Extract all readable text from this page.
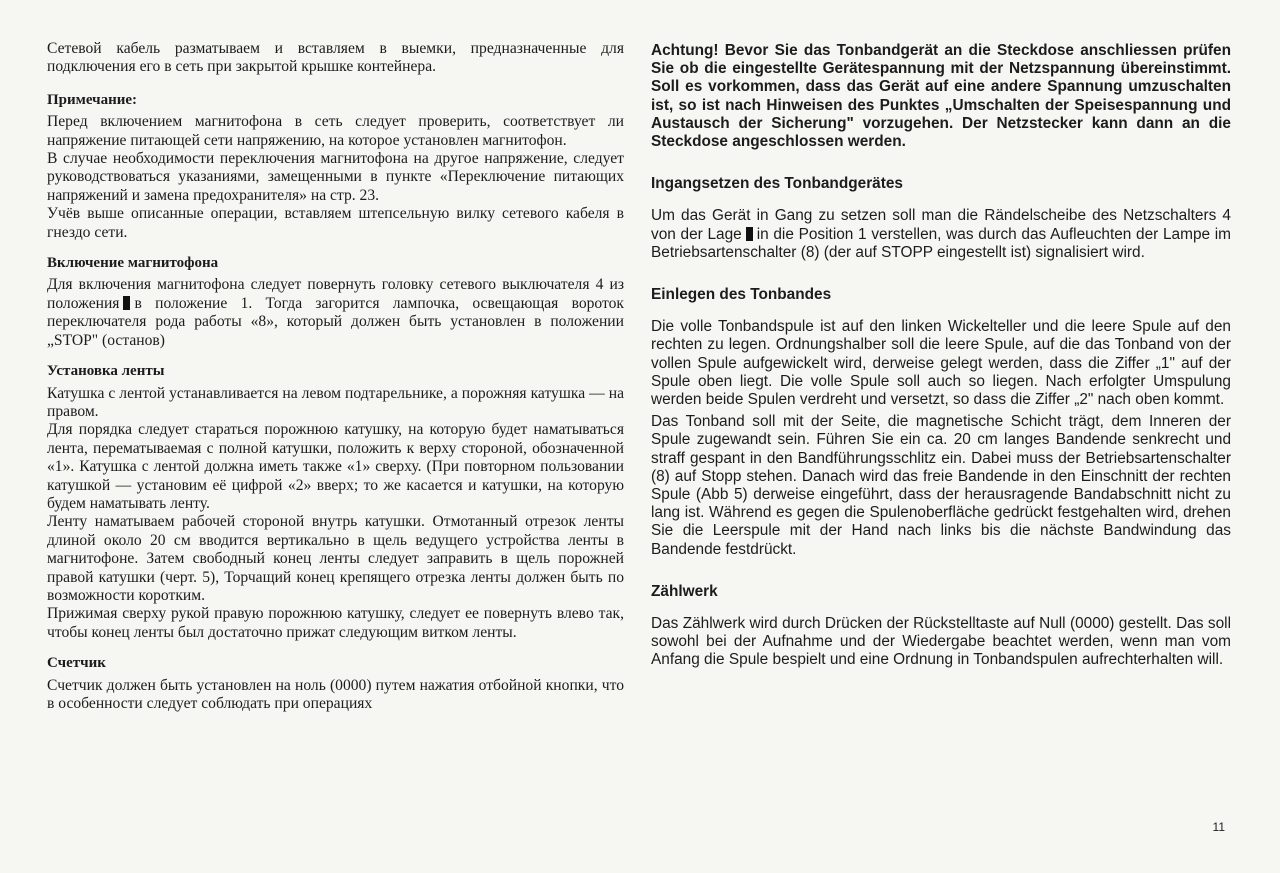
Сетевой кабель разматываем и вставляем в выемки, предназначенные для подключения его в сеть при закрытой крышке контейнера.

Примечание:

Перед включением магнитофона в сеть следует проверить, соответствует ли напряжение питающей сети напряжению, на которое установлен магнитофон.

В случае необходимости переключения магнитофона на другое напряжение, следует руководствоваться указаниями, замещенными в пункте «Переключение питающих напряжений и замена предохранителя» на стр. 23.

Учёв выше описанные операции, вставляем штепсельную вилку сетевого кабеля в гнездо сети.

Включение магнитофона

Для включения магнитофона следует повернуть головку сетевого выключателя 4 из положения в положение 1. Тогда загорится лампочка, освещающая вороток переключателя рода работы «8», который должен быть установлен в положении „STOP" (останов)

Установка ленты

Катушка с лентой устанавливается на левом подтарельнике, а порожняя катушка — на правом.

Для порядка следует стараться порожнюю катушку, на которую будет наматываться лента, перематываемая с полной катушки, положить к верху стороной, обозначенной «1». Катушка с лентой должна иметь также «1» сверху. (При повторном пользовании катушкой — установим её цифрой «2» вверх; то же касается и катушки, на которую будем наматывать ленту.

Ленту наматываем рабочей стороной внутрь катушки. Отмотанный отрезок ленты длиной около 20 см вводится вертикально в щель ведущего устройства ленты в магнитофоне. Затем свободный конец ленты следует заправить в щель порожней правой катушки (черт. 5), Торчащий конец крепящего отрезка ленты должен быть по возможности коротким.

Прижимая сверху рукой правую порожнюю катушку, следует ее повернуть влево так, чтобы конец ленты был достаточно прижат следующим витком ленты.

Счетчик

Счетчик должен быть установлен на ноль (0000) путем нажатия отбойной кнопки, что в особенности следует соблюдать при операциях

Achtung! Bevor Sie das Tonbandgerät an die Steckdose anschliessen prüfen Sie ob die eingestellte Gerätespannung mit der Netzspannung übereinstimmt. Soll es vorkommen, dass das Gerät auf eine andere Spannung umzuschalten ist, so ist nach Hinweisen des Punktes „Umschalten der Speisespannung und Austausch der Sicherung" vorzugehen. Der Netzstecker kann dann an die Steckdose angeschlossen werden.

Ingangsetzen des Tonbandgerätes

Um das Gerät in Gang zu setzen soll man die Rändelscheibe des Netzschalters 4 von der Lage in die Position 1 verstellen, was durch das Aufleuchten der Lampe im Betriebsartenschalter (8) (der auf STOPP eingestellt ist) signalisiert wird.

Einlegen des Tonbandes

Die volle Tonbandspule ist auf den linken Wickelteller und die leere Spule auf den rechten zu legen. Ordnungshalber soll die leere Spule, auf die das Tonband von der vollen Spule aufgewickelt wird, derweise gelegt werden, dass die Ziffer „1" auf der Spule oben liegt. Die volle Spule soll auch so liegen. Nach erfolgter Umspulung werden beide Spulen verdreht und versetzt, so dass die Ziffer „2" nach oben kommt.

Das Tonband soll mit der Seite, die magnetische Schicht trägt, dem Inneren der Spule zugewandt sein. Führen Sie ein ca. 20 cm langes Bandende senkrecht und straff gespant in den Bandführungsschlitz ein. Dabei muss der Betriebsartenschalter (8) auf Stopp stehen. Danach wird das freie Bandende in den Einschnitt der rechten Spule (Abb 5) derweise eingeführt, dass der herausragende Bandabschnitt nicht zu lang ist. Während es gegen die Spulenoberfläche gedrückt festgehalten wird, drehen Sie die Leerspule mit der Hand nach links bis die nächste Bandwindung das Bandende festdrückt.

Zählwerk

Das Zählwerk wird durch Drücken der Rückstelltaste auf Null (0000) gestellt. Das soll sowohl bei der Aufnahme und der Wiedergabe beachtet werden, wenn man vom Anfang die Spule bespielt und eine Ordnung in Tonbandspulen aufrechterhalten will.

11
